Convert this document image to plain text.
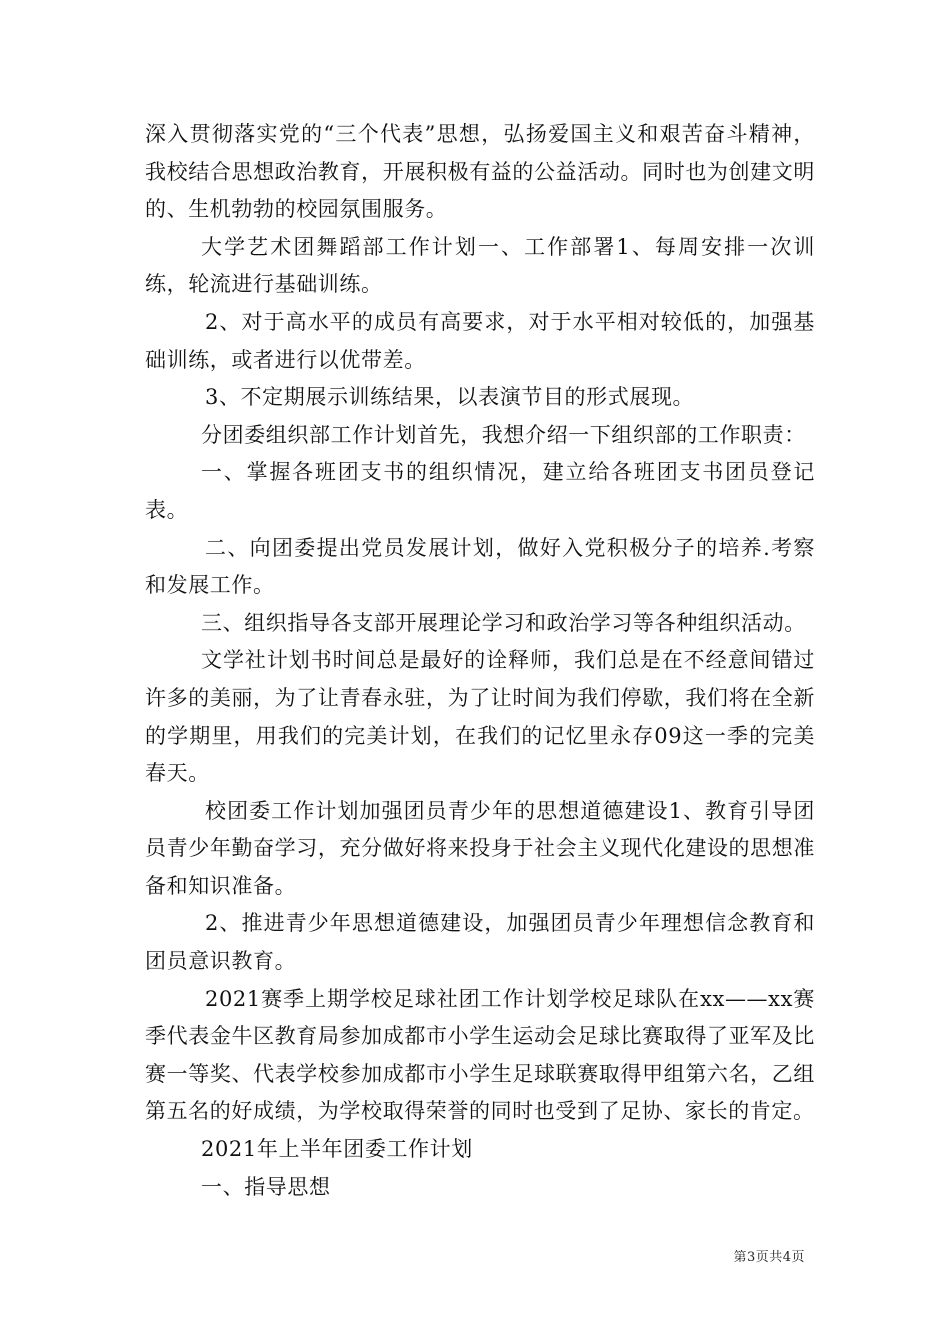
深入贯彻落实党的“三个代表”思想，弘扬爱国主义和艰苦奋斗精神，我校结合思想政治教育，开展积极有益的公益活动。同时也为创建文明的、生机勃勃的校园氛围服务。

大学艺术团舞蹈部工作计划一、工作部署1、每周安排一次训练，轮流进行基础训练。

2、对于高水平的成员有高要求，对于水平相对较低的，加强基础训练，或者进行以优带差。

3、不定期展示训练结果，以表演节目的形式展现。

分团委组织部工作计划首先，我想介绍一下组织部的工作职责：

一、掌握各班团支书的组织情况，建立给各班团支书团员登记表。

二、向团委提出党员发展计划，做好入党积极分子的培养.考察和发展工作。

三、组织指导各支部开展理论学习和政治学习等各种组织活动。

文学社计划书时间总是最好的诠释师，我们总是在不经意间错过许多的美丽，为了让青春永驻，为了让时间为我们停歇，我们将在全新的学期里，用我们的完美计划，在我们的记忆里永存09这一季的完美春天。

校团委工作计划加强团员青少年的思想道德建设1、教育引导团员青少年勤奋学习，充分做好将来投身于社会主义现代化建设的思想准备和知识准备。

2、推进青少年思想道德建设，加强团员青少年理想信念教育和团员意识教育。

2021赛季上期学校足球社团工作计划学校足球队在xx——xx赛季代表金牛区教育局参加成都市小学生运动会足球比赛取得了亚军及比赛一等奖、代表学校参加成都市小学生足球联赛取得甲组第六名，乙组第五名的好成绩，为学校取得荣誉的同时也受到了足协、家长的肯定。

2021年上半年团委工作计划

一、指导思想

第3页共4页
